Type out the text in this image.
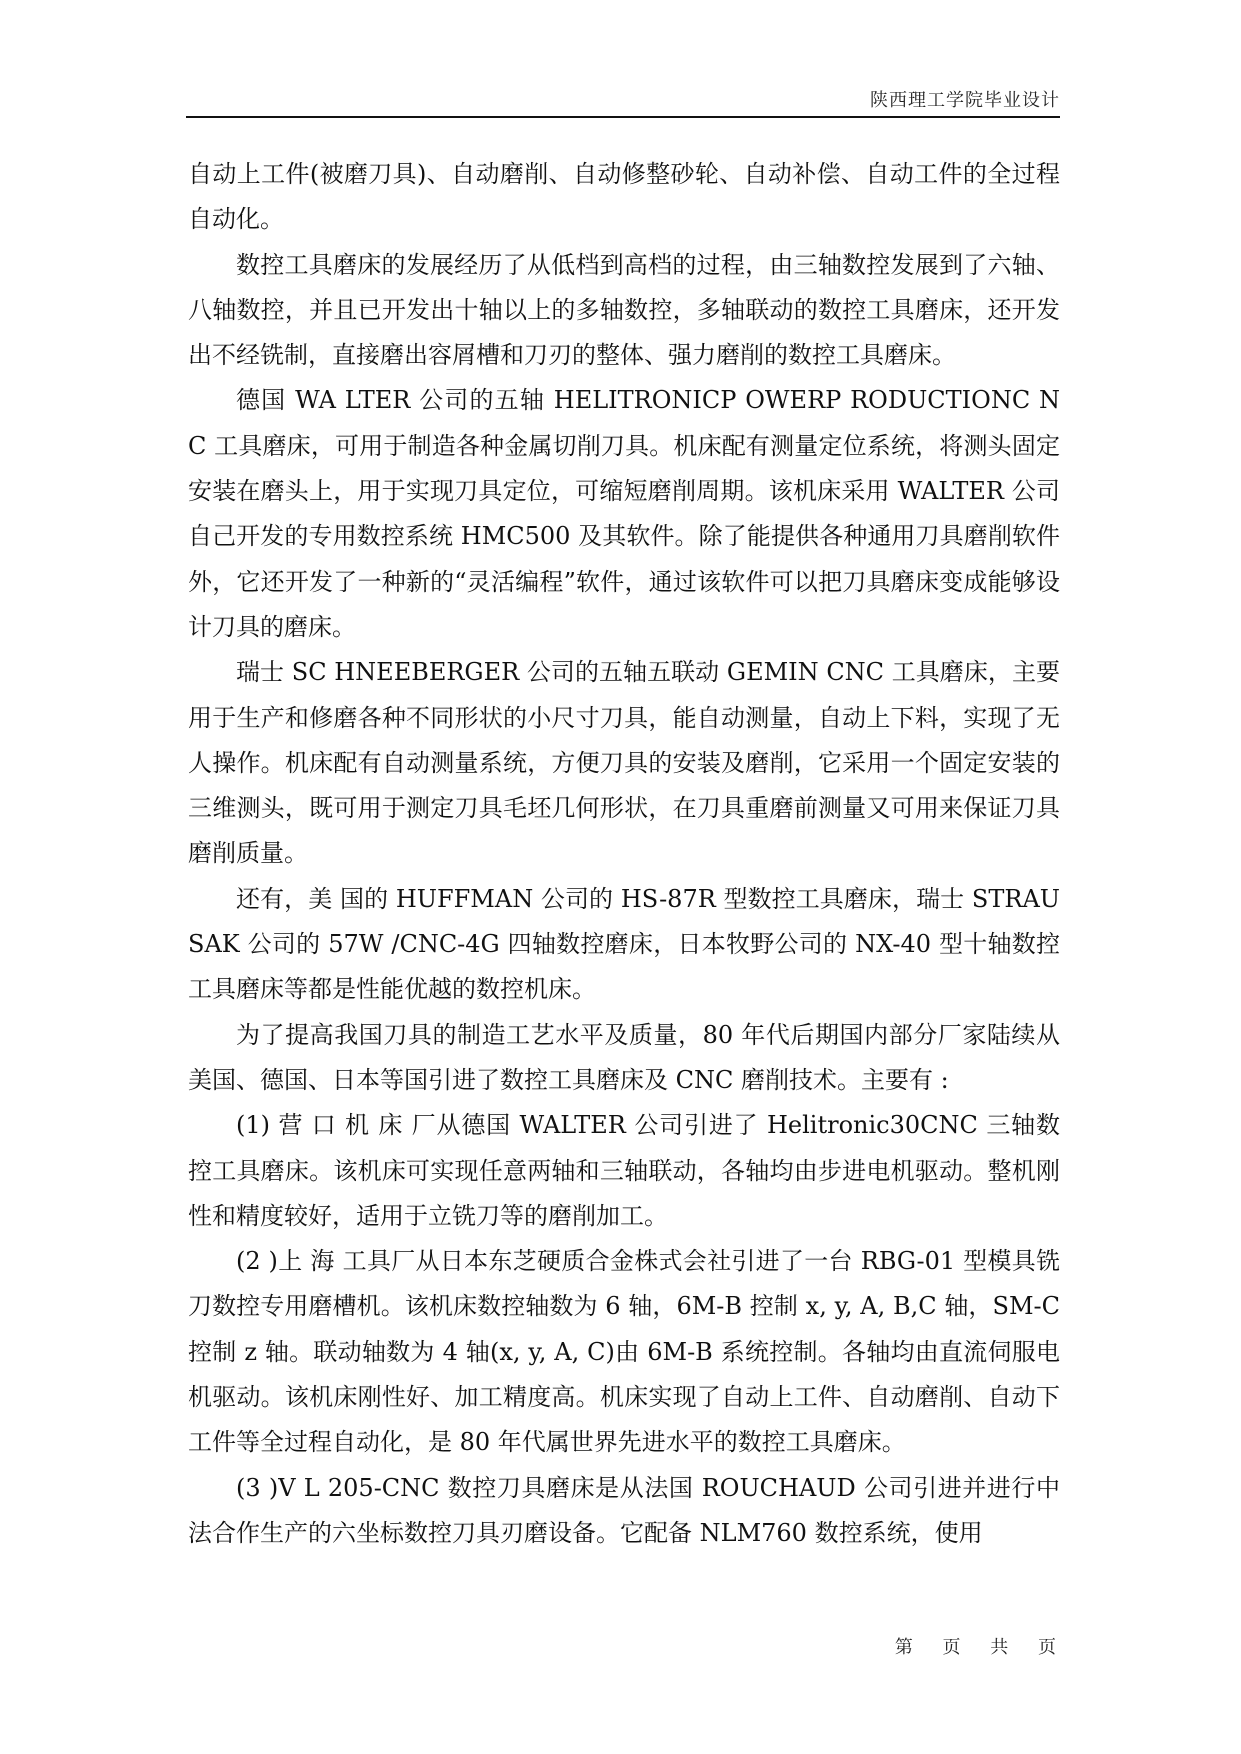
陕西理工学院毕业设计

自动上工件(被磨刀具)、自动磨削、自动修整砂轮、自动补偿、自动工件的全过程自动化。

数控工具磨床的发展经历了从低档到高档的过程，由三轴数控发展到了六轴、八轴数控，并且已开发出十轴以上的多轴数控，多轴联动的数控工具磨床，还开发出不经铣制，直接磨出容屑槽和刀刃的整体、强力磨削的数控工具磨床。

德国 WA LTER 公司的五轴 HELITRONICP OWERP RODUCTIONC NC 工具磨床，可用于制造各种金属切削刀具。机床配有测量定位系统，将测头固定安装在磨头上，用于实现刀具定位，可缩短磨削周期。该机床采用 WALTER 公司自己开发的专用数控系统 HMC500 及其软件。除了能提供各种通用刀具磨削软件外，它还开发了一种新的“灵活编程”软件，通过该软件可以把刀具磨床变成能够设计刀具的磨床。

瑞士 SC HNEEBERGER 公司的五轴五联动 GEMIN CNC 工具磨床，主要用于生产和修磨各种不同形状的小尺寸刀具，能自动测量，自动上下料，实现了无人操作。机床配有自动测量系统，方便刀具的安装及磨削，它采用一个固定安装的三维测头，既可用于测定刀具毛坯几何形状，在刀具重磨前测量又可用来保证刀具磨削质量。

还有，美 国的 HUFFMAN 公司的 HS-87R 型数控工具磨床，瑞士 STRAUSAK 公司的 57W /CNC-4G 四轴数控磨床，日本牧野公司的 NX-40 型十轴数控工具磨床等都是性能优越的数控机床。

为了提高我国刀具的制造工艺水平及质量，80 年代后期国内部分厂家陆续从 美国、德国、日本等国引进了数控工具磨床及 CNC 磨削技术。主要有 :

(1) 营 口 机 床 厂从德国 WALTER 公司引进了 Helitronic30CNC 三轴数控工具磨床。该机床可实现任意两轴和三轴联动，各轴均由步进电机驱动。整机刚性和精度较好，适用于立铣刀等的磨削加工。

(2 )上 海 工具厂从日本东芝硬质合金株式会社引进了一台 RBG-01 型模具铣刀数控专用磨槽机。该机床数控轴数为 6 轴，6M-B 控制 x, y, A, B,C 轴，SM-C 控制 z 轴。联动轴数为 4 轴(x, y, A, C)由 6M-B 系统控制。各轴均由直流伺服电机驱动。该机床刚性好、加工精度高。机床实现了自动上工件、自动磨削、自动下工件等全过程自动化，是 80 年代属世界先进水平的数控工具磨床。

(3 )V L 205-CNC 数控刀具磨床是从法国 ROUCHAUD 公司引进并进行中法合作生产的六坐标数控刀具刃磨设备。它配备 NLM760 数控系统，使用

第 页 共 页
